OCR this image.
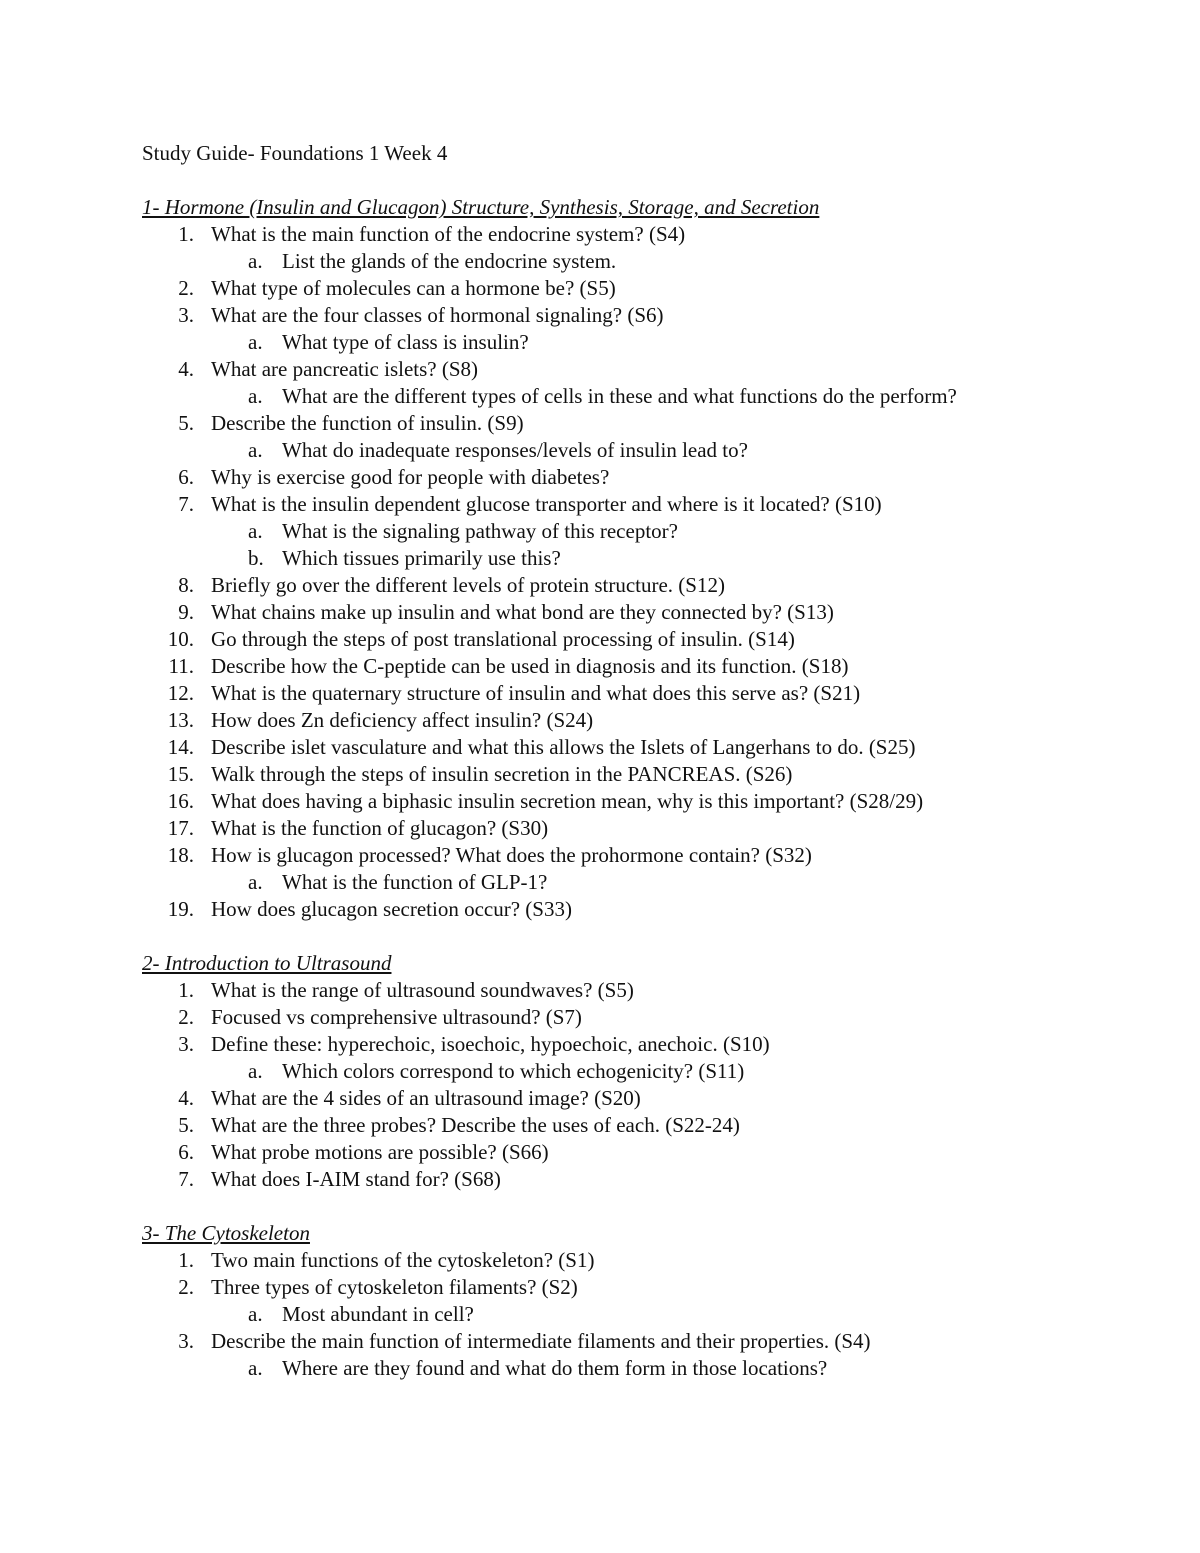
Study Guide- Foundations 1 Week 4

1- Hormone (Insulin and Glucagon) Structure, Synthesis, Storage, and Secretion
1. What is the main function of the endocrine system? (S4)
a. List the glands of the endocrine system.
2. What type of molecules can a hormone be? (S5)
3. What are the four classes of hormonal signaling? (S6)
a. What type of class is insulin?
4. What are pancreatic islets? (S8)
a. What are the different types of cells in these and what functions do the perform?
5. Describe the function of insulin. (S9)
a. What do inadequate responses/levels of insulin lead to?
6. Why is exercise good for people with diabetes?
7. What is the insulin dependent glucose transporter and where is it located? (S10)
a. What is the signaling pathway of this receptor?
b. Which tissues primarily use this?
8. Briefly go over the different levels of protein structure. (S12)
9. What chains make up insulin and what bond are they connected by? (S13)
10. Go through the steps of post translational processing of insulin. (S14)
11. Describe how the C-peptide can be used in diagnosis and its function. (S18)
12. What is the quaternary structure of insulin and what does this serve as? (S21)
13. How does Zn deficiency affect insulin? (S24)
14. Describe islet vasculature and what this allows the Islets of Langerhans to do. (S25)
15. Walk through the steps of insulin secretion in the PANCREAS. (S26)
16. What does having a biphasic insulin secretion mean, why is this important? (S28/29)
17. What is the function of glucagon? (S30)
18. How is glucagon processed? What does the prohormone contain? (S32)
a. What is the function of GLP-1?
19. How does glucagon secretion occur? (S33)
2- Introduction to Ultrasound
1. What is the range of ultrasound soundwaves? (S5)
2. Focused vs comprehensive ultrasound? (S7)
3. Define these: hyperechoic, isoechoic, hypoechoic, anechoic. (S10)
a. Which colors correspond to which echogenicity? (S11)
4. What are the 4 sides of an ultrasound image? (S20)
5. What are the three probes? Describe the uses of each. (S22-24)
6. What probe motions are possible? (S66)
7. What does I-AIM stand for? (S68)
3- The Cytoskeleton
1. Two main functions of the cytoskeleton? (S1)
2. Three types of cytoskeleton filaments? (S2)
a. Most abundant in cell?
3. Describe the main function of intermediate filaments and their properties. (S4)
a. Where are they found and what do them form in those locations?
